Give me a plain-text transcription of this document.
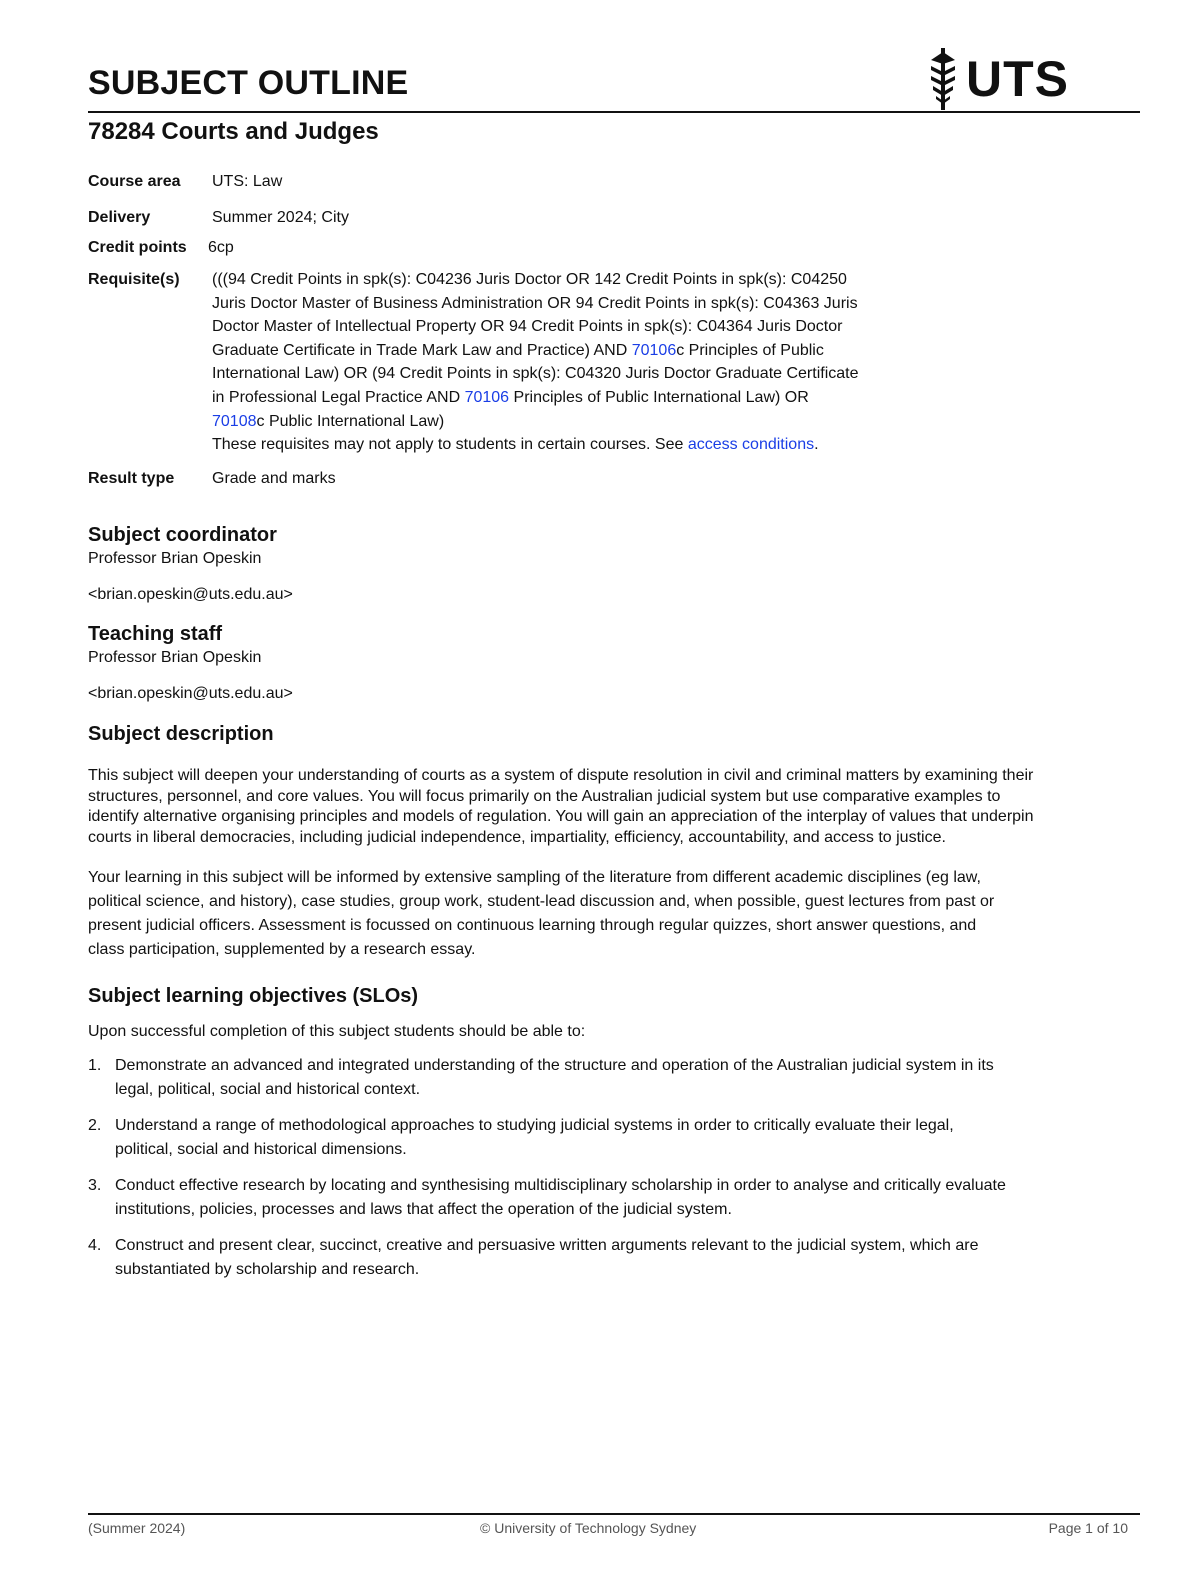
SUBJECT OUTLINE	UTS
78284 Courts and Judges
Course area	UTS: Law
Delivery	Summer 2024; City
Credit points	6cp
Requisite(s)	(((94 Credit Points in spk(s): C04236 Juris Doctor OR 142 Credit Points in spk(s): C04250
Juris Doctor Master of Business Administration OR 94 Credit Points in spk(s): C04363 Juris
Doctor Master of Intellectual Property OR 94 Credit Points in spk(s): C04364 Juris Doctor
Graduate Certificate in Trade Mark Law and Practice) AND 70106c Principles of Public
International Law) OR (94 Credit Points in spk(s): C04320 Juris Doctor Graduate Certificate
in Professional Legal Practice AND 70106 Principles of Public International Law) OR
70108c Public International Law)
These requisites may not apply to students in certain courses. See access conditions.
Result type	Grade and marks
Subject coordinator

Professor Brian Opeskin

<brian.opeskin@uts.edu.au>

Teaching staff

Professor Brian Opeskin

<brian.opeskin@uts.edu.au>

Subject description

This subject will deepen your understanding of courts as a system of dispute resolution in civil and criminal matters by examining their

structures, personnel, and core values. You will focus primarily on the Australian judicial system but use comparative examples to

identify alternative organising principles and models of regulation. You will gain an appreciation of the interplay of values that underpin

courts in liberal democracies, including judicial independence, impartiality, efficiency, accountability, and access to justice.

Your learning in this subject will be informed by extensive sampling of the literature from different academic disciplines (eg law,

political science, and history), case studies, group work, student-lead discussion and, when possible, guest lectures from past or

present judicial officers. Assessment is focussed on continuous learning through regular quizzes, short answer questions, and

class participation, supplemented by a research essay.

Subject learning objectives (SLOs)

Upon successful completion of this subject students should be able to:

1. Demonstrate an advanced and integrated understanding of the structure and operation of the Australian judicial system in its
legal, political, social and historical context.
2. Understand a range of methodological approaches to studying judicial systems in order to critically evaluate their legal,
political, social and historical dimensions.
3. Conduct effective research by locating and synthesising multidisciplinary scholarship in order to analyse and critically evaluate
institutions, policies, processes and laws that affect the operation of the judicial system.
4. Construct and present clear, succinct, creative and persuasive written arguments relevant to the judicial system, which are
substantiated by scholarship and research.
(Summer 2024)	© University of Technology Sydney	Page 1 of 10
